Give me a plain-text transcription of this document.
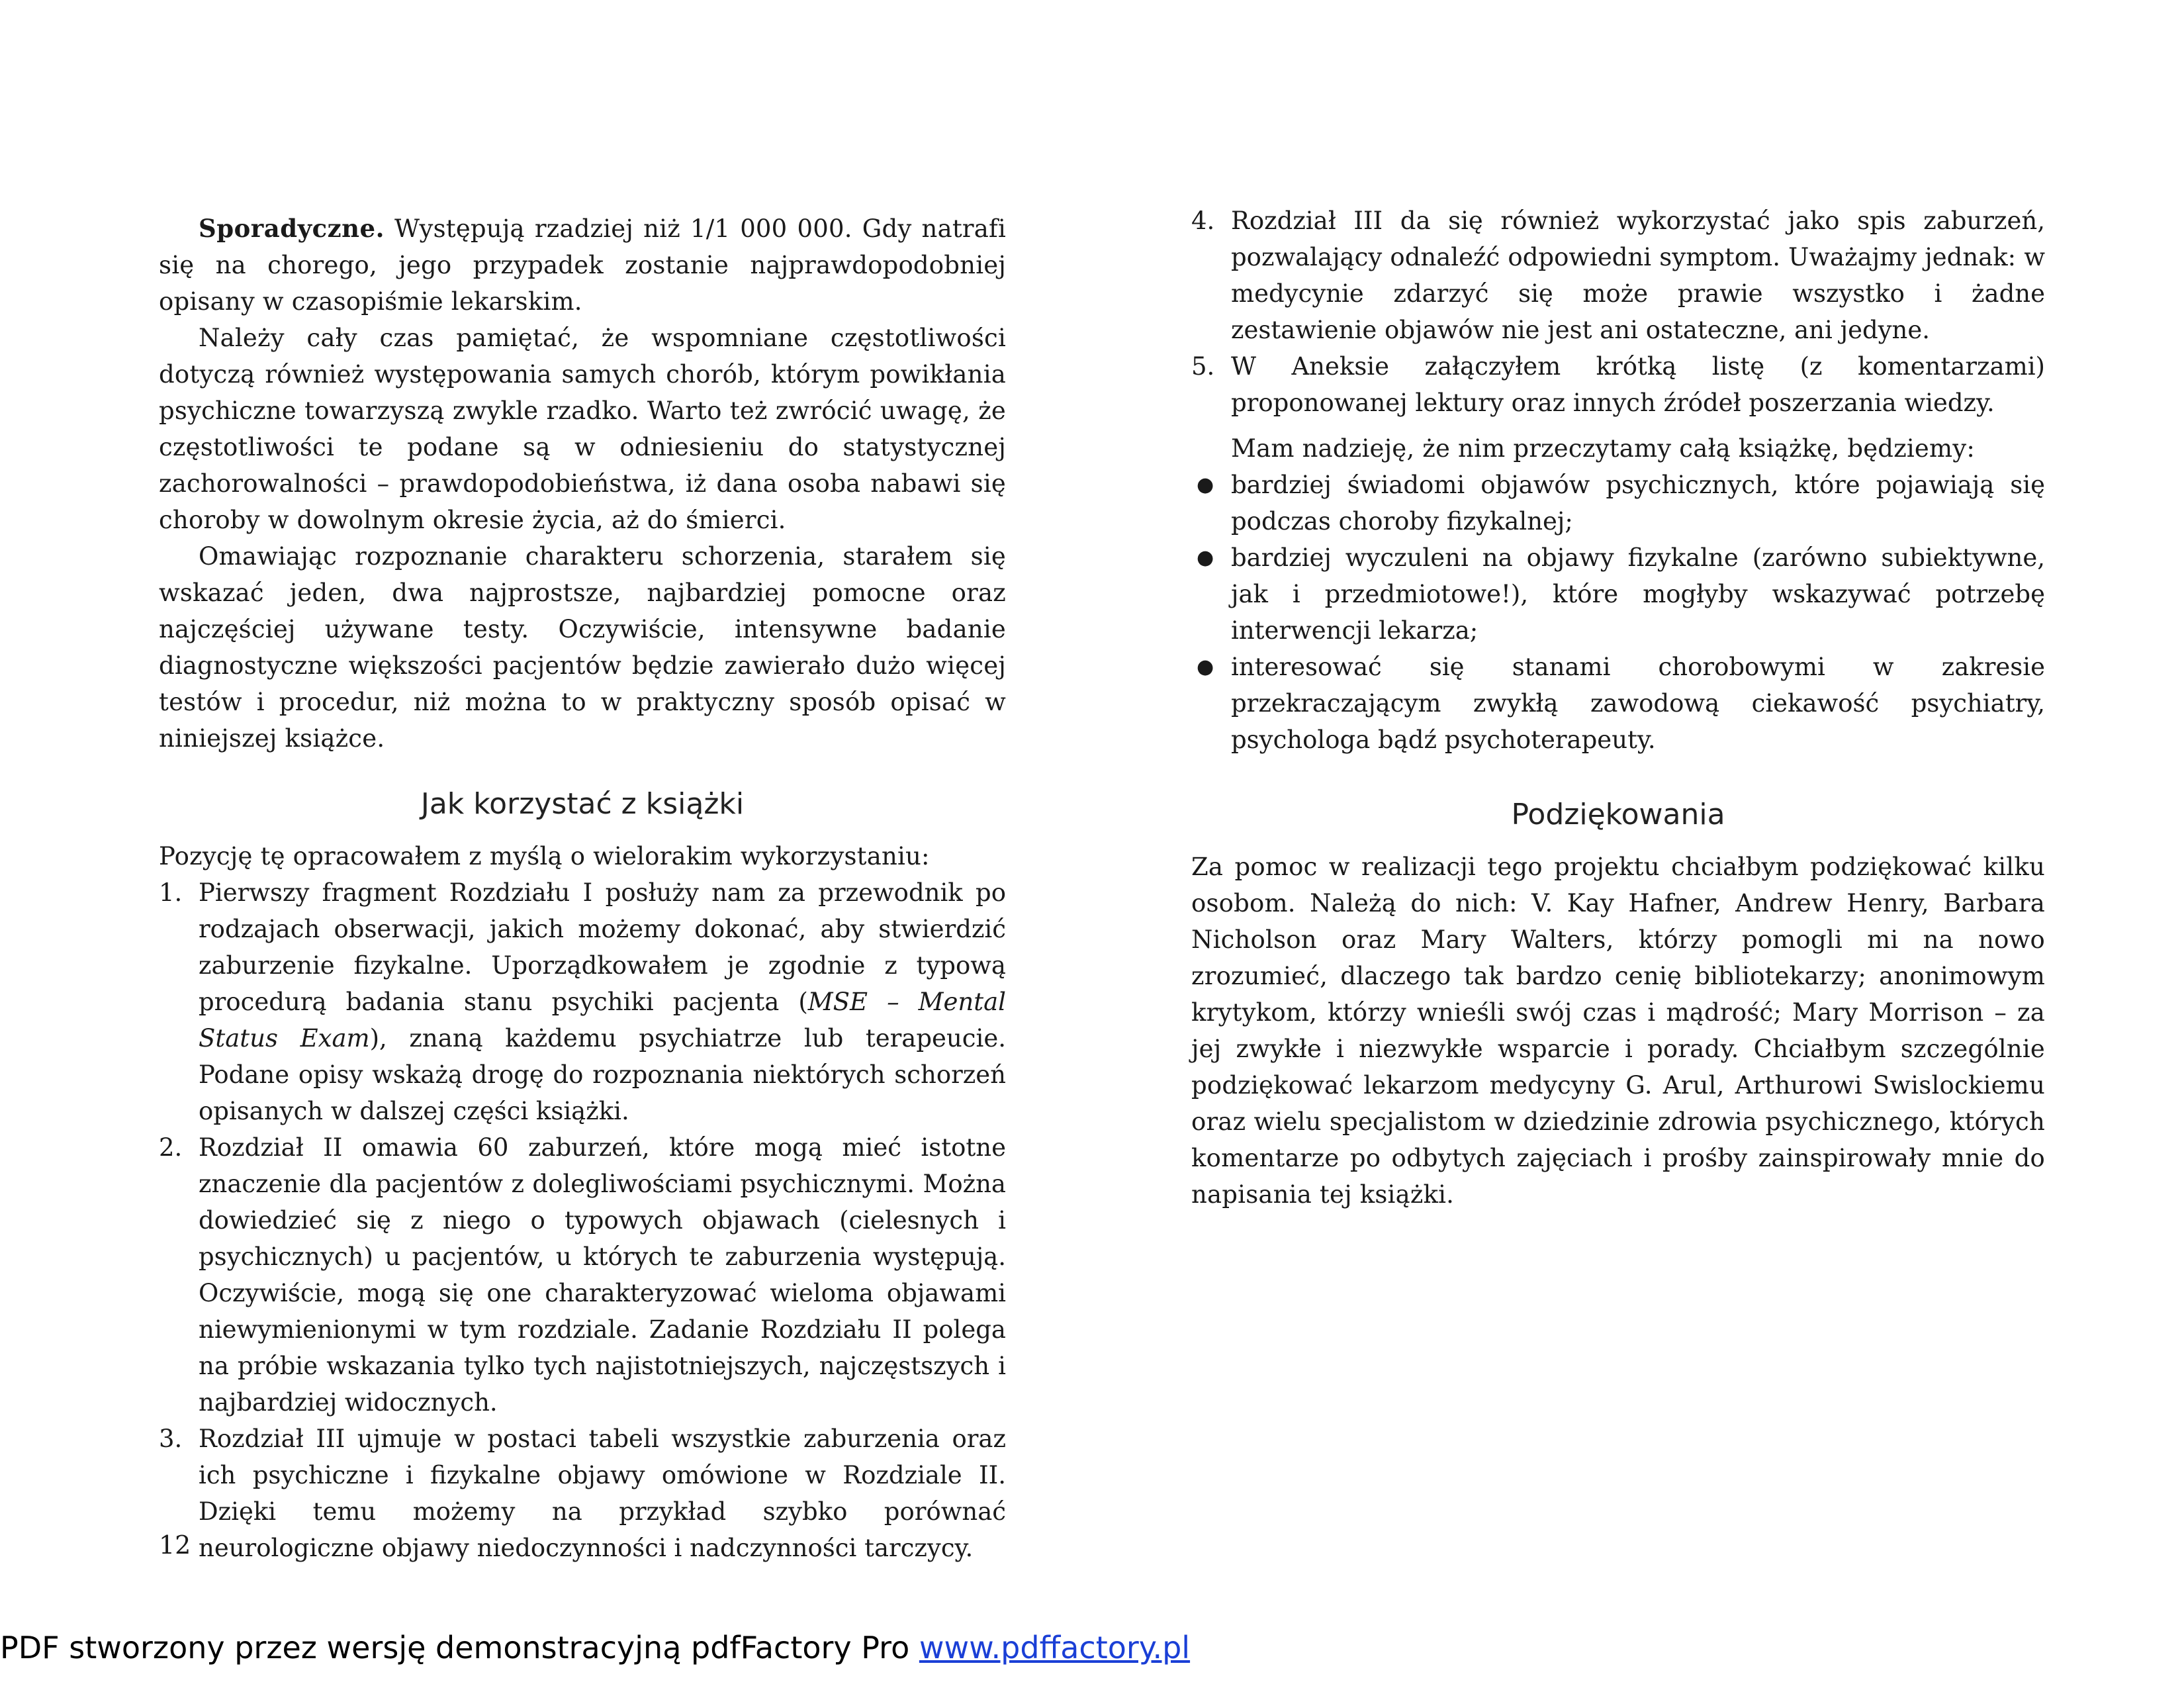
Sporadyczne. Występują rzadziej niż 1/1 000 000. Gdy natrafi się na chorego, jego przypadek zostanie najprawdopodobniej opisany w czasopiśmie lekarskim.

Należy cały czas pamiętać, że wspomniane częstotliwości dotyczą również występowania samych chorób, którym powikłania psychiczne towarzyszą zwykle rzadko. Warto też zwrócić uwagę, że częstotliwości te podane są w odniesieniu do statystycznej zachorowalności – prawdopodobieństwa, iż dana osoba nabawi się choroby w dowolnym okresie życia, aż do śmierci.

Omawiając rozpoznanie charakteru schorzenia, starałem się wskazać jeden, dwa najprostsze, najbardziej pomocne oraz najczęściej używane testy. Oczywiście, intensywne badanie diagnostyczne większości pacjentów będzie zawierało dużo więcej testów i procedur, niż można to w praktyczny sposób opisać w niniejszej książce.

Jak korzystać z książki

Pozycję tę opracowałem z myślą o wielorakim wykorzystaniu:

1. Pierwszy fragment Rozdziału I posłuży nam za przewodnik po rodzajach obserwacji, jakich możemy dokonać, aby stwierdzić zaburzenie fizykalne. Uporządkowałem je zgodnie z typową procedurą badania stanu psychiki pacjenta (MSE – Mental Status Exam), znaną każdemu psychiatrze lub terapeucie. Podane opisy wskażą drogę do rozpoznania niektórych schorzeń opisanych w dalszej części książki.
2. Rozdział II omawia 60 zaburzeń, które mogą mieć istotne znaczenie dla pacjentów z dolegliwościami psychicznymi. Można dowiedzieć się z niego o typowych objawach (cielesnych i psychicznych) u pacjentów, u których te zaburzenia występują. Oczywiście, mogą się one charakteryzować wieloma objawami niewymienionymi w tym rozdziale. Zadanie Rozdziału II polega na próbie wskazania tylko tych najistotniejszych, najczęstszych i najbardziej widocznych.
3. Rozdział III ujmuje w postaci tabeli wszystkie zaburzenia oraz ich psychiczne i fizykalne objawy omówione w Rozdziale II. Dzięki temu możemy na przykład szybko porównać neurologiczne objawy niedoczynności i nadczynności tarczycy.
12
4. Rozdział III da się również wykorzystać jako spis zaburzeń, pozwalający odnaleźć odpowiedni symptom. Uważajmy jednak: w medycynie zdarzyć się może prawie wszystko i żadne zestawienie objawów nie jest ani ostateczne, ani jedyne.
5. W Aneksie załączyłem krótką listę (z komentarzami) proponowanej lektury oraz innych źródeł poszerzania wiedzy.

Mam nadzieję, że nim przeczytamy całą książkę, będziemy:

● bardziej świadomi objawów psychicznych, które pojawiają się podczas choroby fizykalnej;
● bardziej wyczuleni na objawy fizykalne (zarówno subiektywne, jak i przedmiotowe!), które mogłyby wskazywać potrzebę interwencji lekarza;
● interesować się stanami chorobowymi w zakresie przekraczającym zwykłą zawodową ciekawość psychiatry, psychologa bądź psychoterapeuty.
Podziękowania

Za pomoc w realizacji tego projektu chciałbym podziękować kilku osobom. Należą do nich: V. Kay Hafner, Andrew Henry, Barbara Nicholson oraz Mary Walters, którzy pomogli mi na nowo zrozumieć, dlaczego tak bardzo cenię bibliotekarzy; anonimowym krytykom, którzy wnieśli swój czas i mądrość; Mary Morrison – za jej zwykłe i niezwykłe wsparcie i porady. Chciałbym szczególnie podziękować lekarzom medycyny G. Arul, Arthurowi Swislockiemu oraz wielu specjalistom w dziedzinie zdrowia psychicznego, których komentarze po odbytych zajęciach i prośby zainspirowały mnie do napisania tej książki.

PDF stworzony przez wersję demonstracyjną pdfFactory Pro www.pdffactory.pl
